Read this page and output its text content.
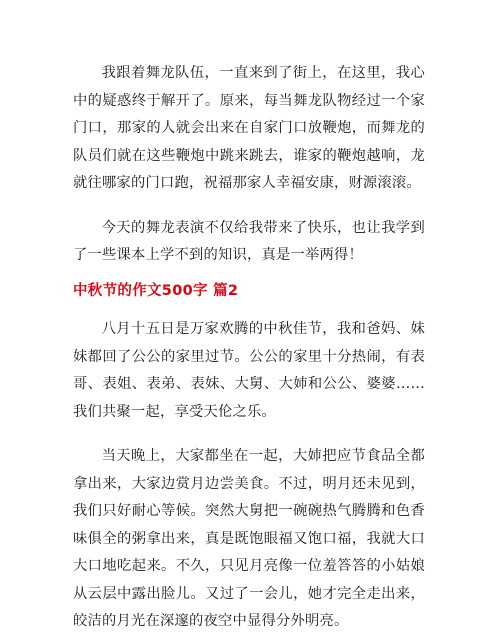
我跟着舞龙队伍，一直来到了街上，在这里，我心中的疑惑终于解开了。原来，每当舞龙队物经过一个家门口，那家的人就会出来在自家门口放鞭炮，而舞龙的队员们就在这些鞭炮中跳来跳去，谁家的鞭炮越响，龙就往哪家的门口跑，祝福那家人幸福安康，财源滚滚。

今天的舞龙表演不仅给我带来了快乐，也让我学到了一些课本上学不到的知识，真是一举两得！

中秋节的作文500字 篇2

八月十五日是万家欢腾的中秋佳节，我和爸妈、妹妹都回了公公的家里过节。公公的家里十分热闹，有表哥、表姐、表弟、表妹、大舅、大姉和公公、婆婆……我们共聚一起，享受天伦之乐。

当天晚上，大家都坐在一起，大姉把应节食品全都拿出来，大家边赏月边尝美食。不过，明月还未见到，我们只好耐心等候。突然大舅把一碗碗热气腾腾和色香味俱全的粥拿出来，真是既饱眼福又饱口福，我就大口大口地吃起来。不久，只见月亮像一位羞答答的小姑娘从云层中露出脸儿。又过了一会儿，她才完全走出来，皎洁的月光在深邃的夜空中显得分外明亮。
